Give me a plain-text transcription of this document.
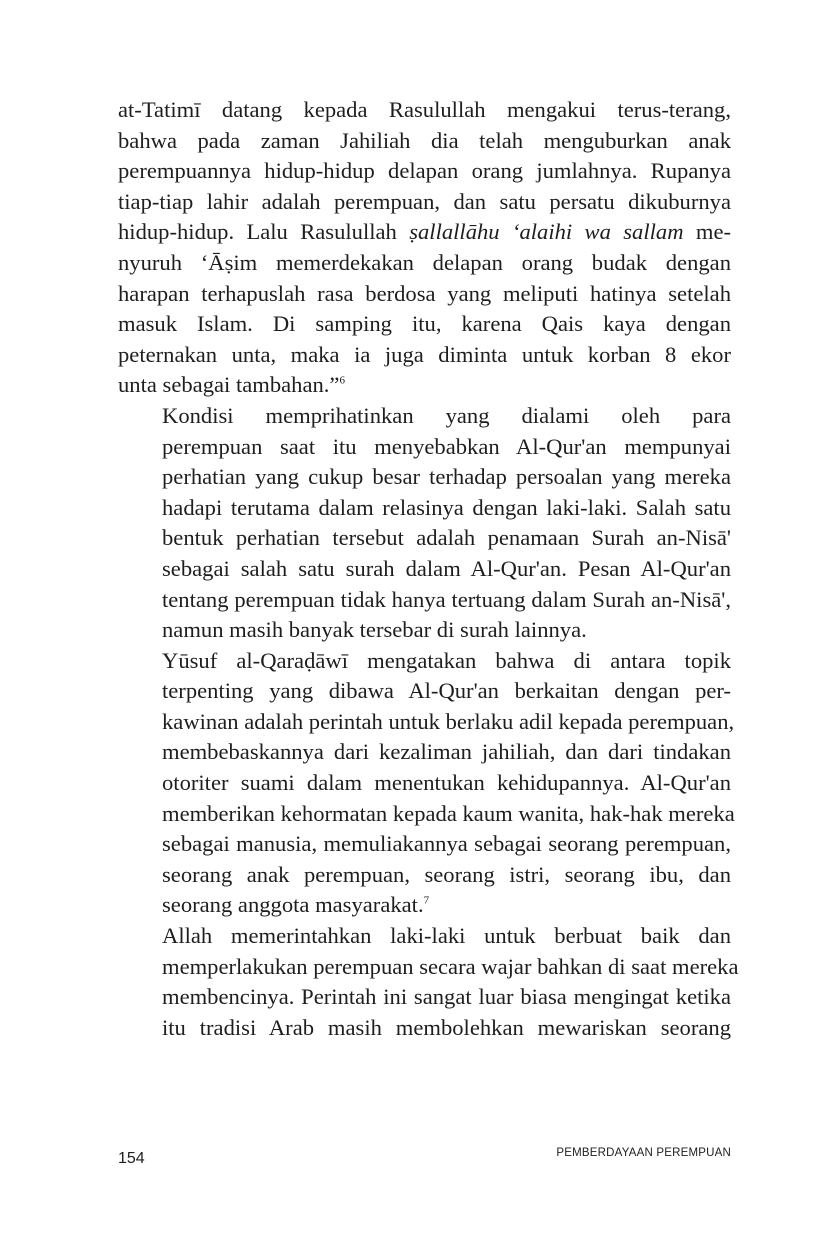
at-Tatimī datang kepada Rasulullah mengakui terus-terang,
bahwa pada zaman Jahiliah dia telah menguburkan anak
perempuannya hidup-hidup delapan orang jumlahnya. Rupanya
tiap-tiap lahir adalah perempuan, dan satu persatu dikuburnya
hidup-hidup. Lalu Rasulullah ṣallallāhu ‘alaihi wa sallam me-
nyuruh ‘Āṣim memerdekakan delapan orang budak dengan
harapan terhapuslah rasa berdosa yang meliputi hatinya setelah
masuk Islam. Di samping itu, karena Qais kaya dengan
peternakan unta, maka ia juga diminta untuk korban 8 ekor
unta sebagai tambahan.”$^6$
Kondisi memprihatinkan yang dialami oleh para
perempuan saat itu menyebabkan Al-Qur'an mempunyai
perhatian yang cukup besar terhadap persoalan yang mereka
hadapi terutama dalam relasinya dengan laki-laki. Salah satu
bentuk perhatian tersebut adalah penamaan Surah an-Nisā'
sebagai salah satu surah dalam Al-Qur'an. Pesan Al-Qur'an
tentang perempuan tidak hanya tertuang dalam Surah an-Nisā',
namun masih banyak tersebar di surah lainnya.
Yūsuf al-Qaraḍāwī mengatakan bahwa di antara topik
terpenting yang dibawa Al-Qur'an berkaitan dengan per-
kawinan adalah perintah untuk berlaku adil kepada perempuan,
membebaskannya dari kezaliman jahiliah, dan dari tindakan
otoriter suami dalam menentukan kehidupannya. Al-Qur'an
memberikan kehormatan kepada kaum wanita, hak-hak mereka
sebagai manusia, memuliakannya sebagai seorang perempuan,
seorang anak perempuan, seorang istri, seorang ibu, dan
seorang anggota masyarakat.$^7$
Allah memerintahkan laki-laki untuk berbuat baik dan
memperlakukan perempuan secara wajar bahkan di saat mereka
membencinya. Perintah ini sangat luar biasa mengingat ketika
itu tradisi Arab masih membolehkan mewariskan seorang
154	PEMBERDAYAAN PEREMPUAN
